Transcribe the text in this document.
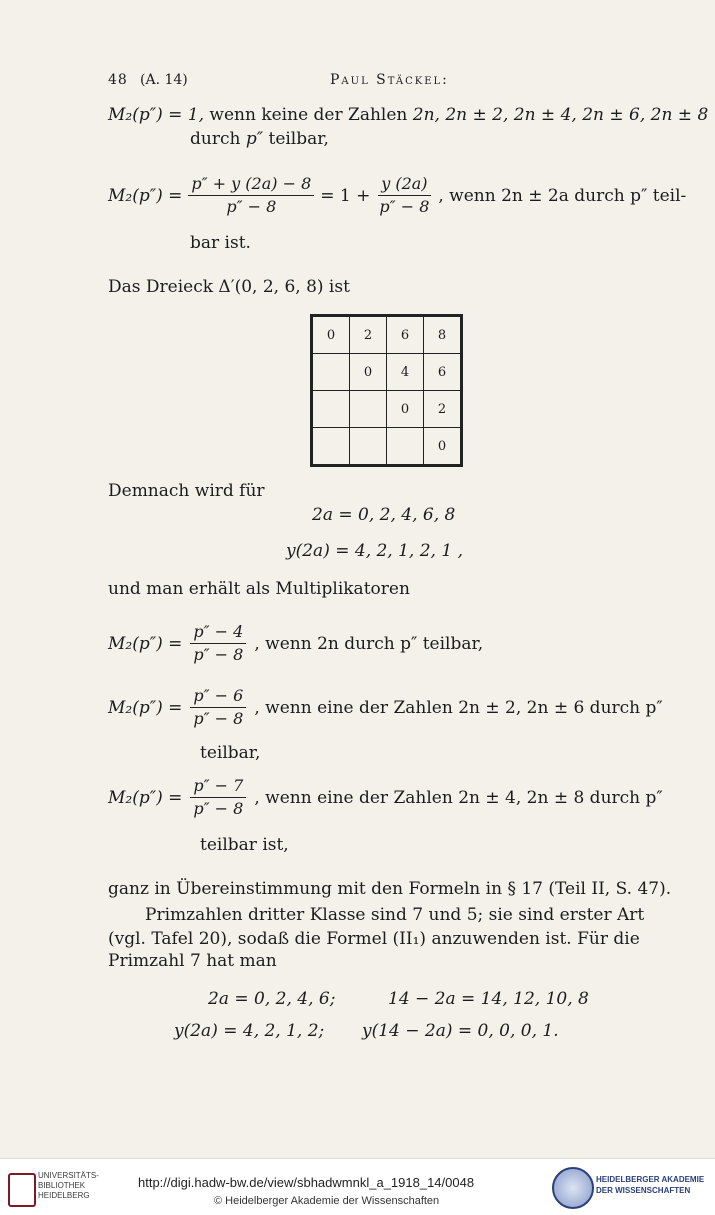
48 (A. 14)	Paul Stäckel:
M₂(p″) = 1, wenn keine der Zahlen 2n, 2n ± 2, 2n ± 4, 2n ± 6, 2n ± 8
durch p″ teilbar,
$M_2(p'') = \frac{p'' + y (2a) - 8}{p'' - 8} = 1 + \frac{y (2a)}{p'' - 8}$ , wenn 2n ± 2a durch p″ teil-
bar ist.
Das Dreieck Δ′(0, 2, 6, 8) ist
0	2	6	8
	0	4	6
		0	2
			0
Demnach wird für
2a = 0, 2, 4, 6, 8
y(2a) = 4, 2, 1, 2, 1 ,
und man erhält als Multiplikatoren
$M_2(p'') = \frac{p'' - 4}{p'' - 8}$ , wenn 2n durch p″ teilbar,
$M_2(p'') = \frac{p'' - 6}{p'' - 8}$ , wenn eine der Zahlen 2n ± 2, 2n ± 6 durch p″
teilbar,
$M_2(p'') = \frac{p'' - 7}{p'' - 8}$ , wenn eine der Zahlen 2n ± 4, 2n ± 8 durch p″
teilbar ist,
ganz in Übereinstimmung mit den Formeln in § 17 (Teil II, S. 47).
Primzahlen dritter Klasse sind 7 und 5; sie sind erster Art
(vgl. Tafel 20), sodaß die Formel (II₁) anzuwenden ist. Für die
Primzahl 7 hat man
2a = 0, 2, 4, 6;	14 − 2a = 14, 12, 10, 8
y(2a) = 4, 2, 1, 2; y(14 − 2a) = 0, 0, 0, 1.
UNIVERSITÄTS-
BIBLIOTHEK
HEIDELBERG
http://digi.hadw-bw.de/view/sbhadwmnkl_a_1918_14/0048
© Heidelberger Akademie der Wissenschaften
HEIDELBERGER AKADEMIE
DER WISSENSCHAFTEN
